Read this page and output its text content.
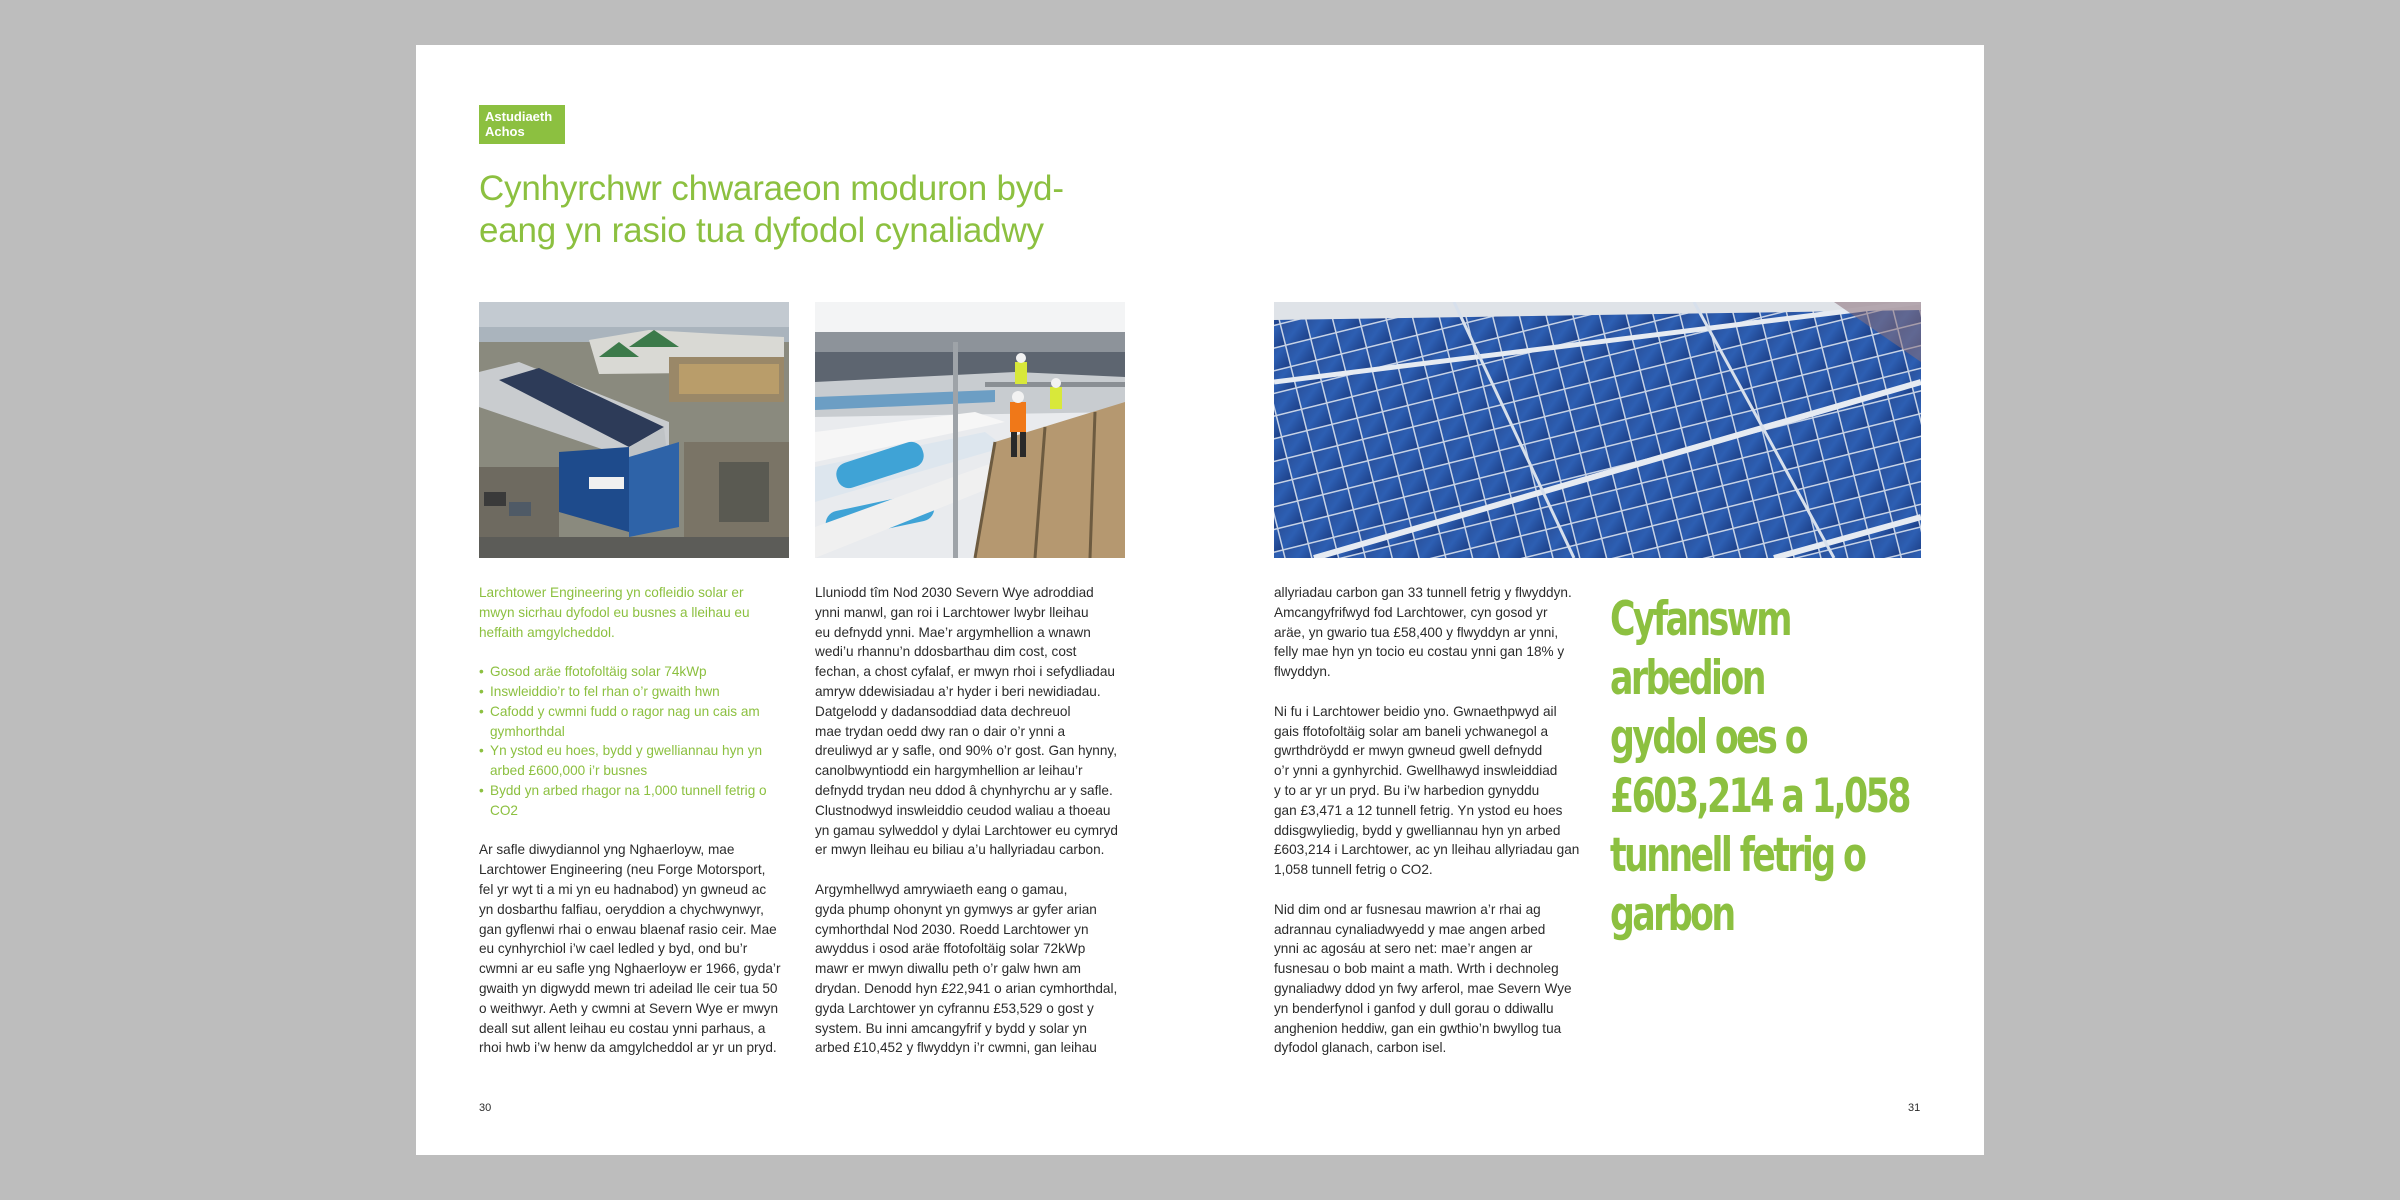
Astudiaeth
Achos
Cynhyrchwr chwaraeon moduron byd-
eang yn rasio tua dyfodol cynaliadwy

Larchtower Engineering yn cofleidio solar er
mwyn sicrhau dyfodol eu busnes a lleihau eu
heffaith amgylcheddol.

• Gosod aräe ffotofoltäig solar 74kWp
• Inswleiddio’r to fel rhan o’r gwaith hwn
• Cafodd y cwmni fudd o ragor nag un cais am
gymhorthdal
• Yn ystod eu hoes, bydd y gwelliannau hyn yn
arbed £600,000 i’r busnes
• Bydd yn arbed rhagor na 1,000 tunnell fetrig o
CO2

Ar safle diwydiannol yng Nghaerloyw, mae
Larchtower Engineering (neu Forge Motorsport,
fel yr wyt ti a mi yn eu hadnabod) yn gwneud ac
yn dosbarthu falfiau, oeryddion a chychwynwyr,
gan gyflenwi rhai o enwau blaenaf rasio ceir. Mae
eu cynhyrchiol i’w cael ledled y byd, ond bu’r
cwmni ar eu safle yng Nghaerloyw er 1966, gyda’r
gwaith yn digwydd mewn tri adeilad lle ceir tua 50
o weithwyr. Aeth y cwmni at Severn Wye er mwyn
deall sut allent leihau eu costau ynni parhaus, a
rhoi hwb i’w henw da amgylcheddol ar yr un pryd.

Lluniodd tîm Nod 2030 Severn Wye adroddiad
ynni manwl, gan roi i Larchtower lwybr lleihau
eu defnydd ynni. Mae’r argymhellion a wnawn
wedi’u rhannu’n ddosbarthau dim cost, cost
fechan, a chost cyfalaf, er mwyn rhoi i sefydliadau
amryw ddewisiadau a’r hyder i beri newidiadau.
Datgelodd y dadansoddiad data dechreuol
mae trydan oedd dwy ran o dair o’r ynni a
dreuliwyd ar y safle, ond 90% o’r gost. Gan hynny,
canolbwyntiodd ein hargymhellion ar leihau’r
defnydd trydan neu ddod â chynhyrchu ar y safle.
Clustnodwyd inswleiddio ceudod waliau a thoeau
yn gamau sylweddol y dylai Larchtower eu cymryd
er mwyn lleihau eu biliau a’u hallyriadau carbon.

Argymhellwyd amrywiaeth eang o gamau,
gyda phump ohonynt yn gymwys ar gyfer arian
cymhorthdal Nod 2030. Roedd Larchtower yn
awyddus i osod aräe ffotofoltäig solar 72kWp
mawr er mwyn diwallu peth o’r galw hwn am
drydan. Denodd hyn £22,941 o arian cymhorthdal,
gyda Larchtower yn cyfrannu £53,529 o gost y
system. Bu inni amcangyfrif y bydd y solar yn
arbed £10,452 y flwyddyn i’r cwmni, gan leihau

allyriadau carbon gan 33 tunnell fetrig y flwyddyn.
Amcangyfrifwyd fod Larchtower, cyn gosod yr
aräe, yn gwario tua £58,400 y flwyddyn ar ynni,
felly mae hyn yn tocio eu costau ynni gan 18% y
flwyddyn.

Ni fu i Larchtower beidio yno. Gwnaethpwyd ail
gais ffotofoltäig solar am baneli ychwanegol a
gwrthdröydd er mwyn gwneud gwell defnydd
o’r ynni a gynhyrchid. Gwellhawyd inswleiddiad
y to ar yr un pryd. Bu i’w harbedion gynyddu
gan £3,471 a 12 tunnell fetrig. Yn ystod eu hoes
ddisgwyliedig, bydd y gwelliannau hyn yn arbed
£603,214 i Larchtower, ac yn lleihau allyriadau gan
1,058 tunnell fetrig o CO2.

Nid dim ond ar fusnesau mawrion a’r rhai ag
adrannau cynaliadwyedd y mae angen arbed
ynni ac agosáu at sero net: mae’r angen ar
fusnesau o bob maint a math. Wrth i dechnoleg
gynaliadwy ddod yn fwy arferol, mae Severn Wye
yn benderfynol i ganfod y dull gorau o ddiwallu
anghenion heddiw, gan ein gwthio’n bwyllog tua
dyfodol glanach, carbon isel.

Cyfanswm arbedion
gydol oes o
£603,214 a 1,058
tunnell fetrig o
garbon
30	31
